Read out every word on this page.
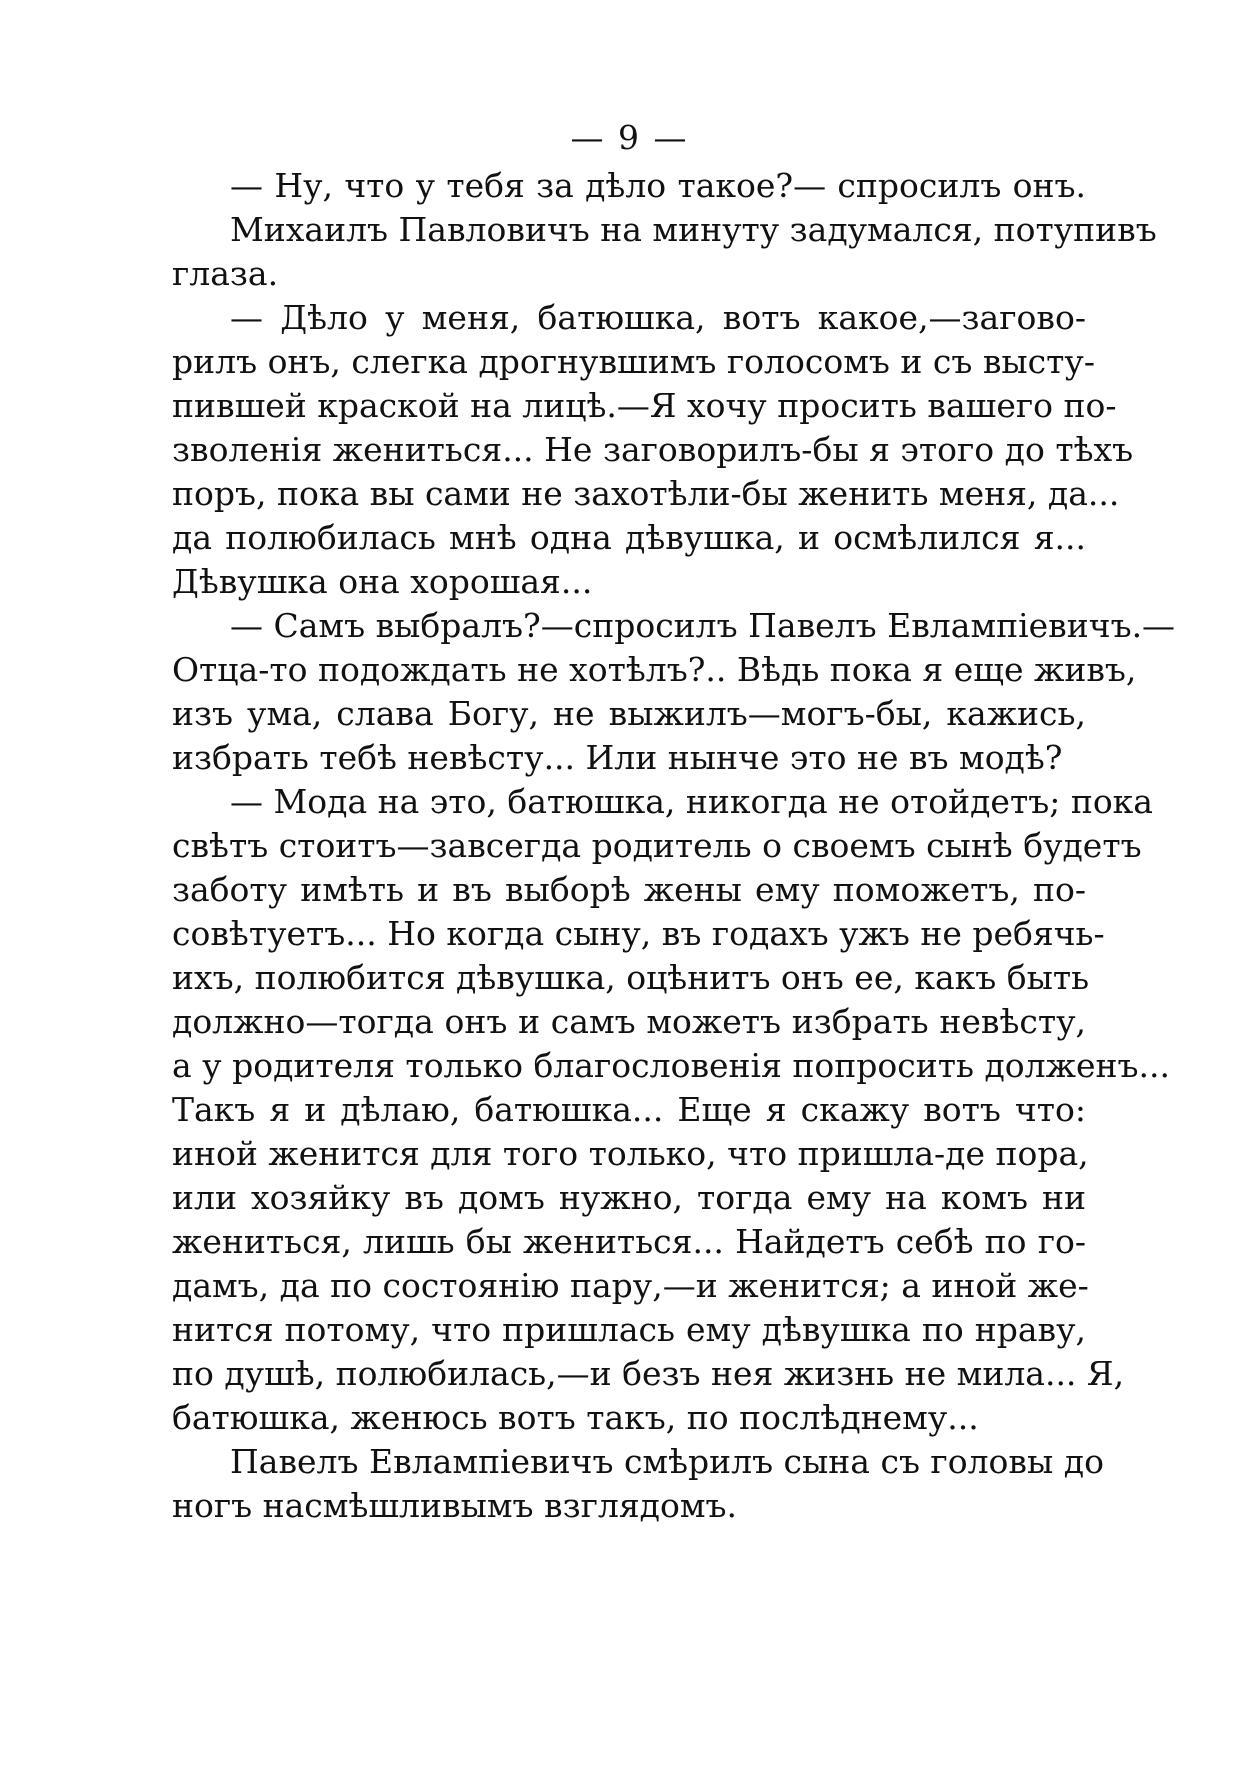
— 9 —
— Ну, что у тебя за дѣло такое?— спросилъ онъ.
Михаилъ Павловичъ на минуту задумался, потупивъ
глаза.
— Дѣло у меня, батюшка, вотъ какое,—загово-
рилъ онъ, слегка дрогнувшимъ голосомъ и съ высту-
пившей краской на лицѣ.—Я хочу просить вашего по-
зволенія жениться... Не заговорилъ-бы я этого до тѣхъ
поръ, пока вы сами не захотѣли-бы женить меня, да...
да полюбилась мнѣ одна дѣвушка, и осмѣлился я...
Дѣвушка она хорошая...
— Самъ выбралъ?—спросилъ Павелъ Евлампіевичъ.—
Отца-то подождать не хотѣлъ?.. Вѣдь пока я еще живъ,
изъ ума, слава Богу, не выжилъ—могъ-бы, кажись,
избрать тебѣ невѣсту... Или нынче это не въ модѣ?
— Мода на это, батюшка, никогда не отойдетъ; пока
свѣтъ стоитъ—завсегда родитель о своемъ сынѣ будетъ
заботу имѣть и въ выборѣ жены ему поможетъ, по-
совѣтуетъ... Но когда сыну, въ годахъ ужъ не ребячь-
ихъ, полюбится дѣвушка, оцѣнитъ онъ ее, какъ быть
должно—тогда онъ и самъ можетъ избрать невѣсту,
а у родителя только благословенія попросить долженъ...
Такъ я и дѣлаю, батюшка... Еще я скажу вотъ что:
иной женится для того только, что пришла-де пора,
или хозяйку въ домъ нужно, тогда ему на комъ ни
жениться, лишь бы жениться... Найдетъ себѣ по го-
дамъ, да по состоянію пару,—и женится; а иной же-
нится потому, что пришлась ему дѣвушка по нраву,
по душѣ, полюбилась,—и безъ нея жизнь не мила... Я,
батюшка, женюсь вотъ такъ, по послѣднему...
Павелъ Евлампіевичъ смѣрилъ сына съ головы до
ногъ насмѣшливымъ взглядомъ.
